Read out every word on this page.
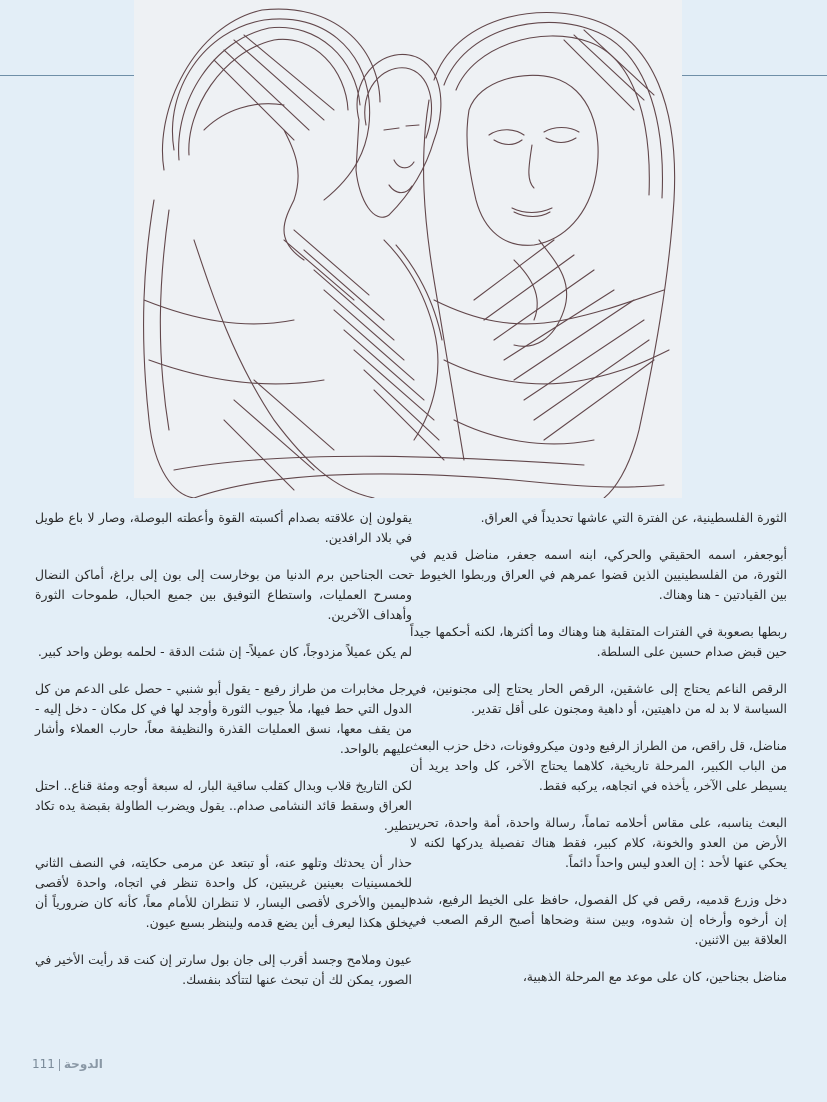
الثورة الفلسطينية، عن الفترة التي عاشها تحديداً في العراق.

أبوجعفر، اسمه الحقيقي والحركي، ابنه اسمه جعفر، مناضل قديم في الثورة، من الفلسطينيين الذين قضوا عمرهم في العراق وربطوا الخيوط - بين القيادتين - هنا وهناك.

ربطها بصعوبة في الفترات المتقلبة هنا وهناك وما أكثرها، لكنه أحكمها جيداً حين قبض صدام حسين على السلطة.

الرقص الناعم يحتاج إلى عاشقين، الرقص الحار يحتاج إلى مجنونين، في السياسة لا بد له من داهيتين، أو داهية ومجنون على أقل تقدير.

مناضل، قل راقص، من الطراز الرفيع ودون ميكروفونات، دخل حزب البعث من الباب الكبير، المرحلة تاريخية، كلاهما يحتاج الآخر، كل واحد يريد أن يسيطر على الآخر، يأخذه في اتجاهه، يركبه فقط.

البعث يناسبه، على مقاس أحلامه تماماً، رسالة واحدة، أمة واحدة، تحرير الأرض من العدو والخونة، كلام كبير، فقط هناك تفصيلة يدركها لكنه لا يحكي عنها لأحد : إن العدو ليس واحداً دائماً.

دخل وزرع قدميه، رقص في كل الفصول، حافظ على الخيط الرفيع، شده إن أرخوه وأرخاه إن شدوه، وبين سنة وضحاها أصبح الرقم الصعب في العلاقة بين الاثنين.

مناضل بجناحين، كان على موعد مع المرحلة الذهبية،

يقولون إن علاقته بصدام أكسبته القوة وأعطته البوصلة، وصار لا باع طويل في بلاد الرافدين.

تحت الجناحين برم الدنيا من بوخارست إلى بون إلى براغ، أماكن النضال ومسرح العمليات، واستطاع التوفيق بين جميع الحبال، طموحات الثورة وأهداف الآخرين.

لم يكن عميلاً مزدوجاً، كان عميلاً- إن شئت الدقة - لحلمه بوطن واحد كبير.

رجل مخابرات من طراز رفيع - يقول أبو شنبي - حصل على الدعم من كل الدول التي حط فيها، ملأ جيوب الثورة وأوجد لها في كل مكان - دخل إليه - من يقف معها، نسق العمليات القذرة والنظيفة معاً، حارب العملاء وأشار عليهم بالواحد.

لكن التاريخ قلاب وبدال كقلب ساقية البار، له سبعة أوجه ومئة قناع.. احتل العراق وسقط قائد النشامى صدام.. يقول ويضرب الطاولة بقبضة يده تكاد تطير.

حذار أن يحدثك وتلهو عنه، أو تبتعد عن مرمى حكايته، في النصف الثاني للخمسينيات بعينين غريبتين، كل واحدة تنظر في اتجاه، واحدة لأقصى اليمين والأخرى لأقصى اليسار، لا تنظران للأمام معاً، كأنه كان ضرورياً أن يخلق هكذا ليعرف أين يضع قدمه ولينظر بسبع عيون.

عيون وملامح وجسد أقرب إلى جان بول سارتر إن كنت قد رأيت الأخير في الصور، يمكن لك أن تبحث عنها لتتأكد بنفسك.

111 الدوحة
